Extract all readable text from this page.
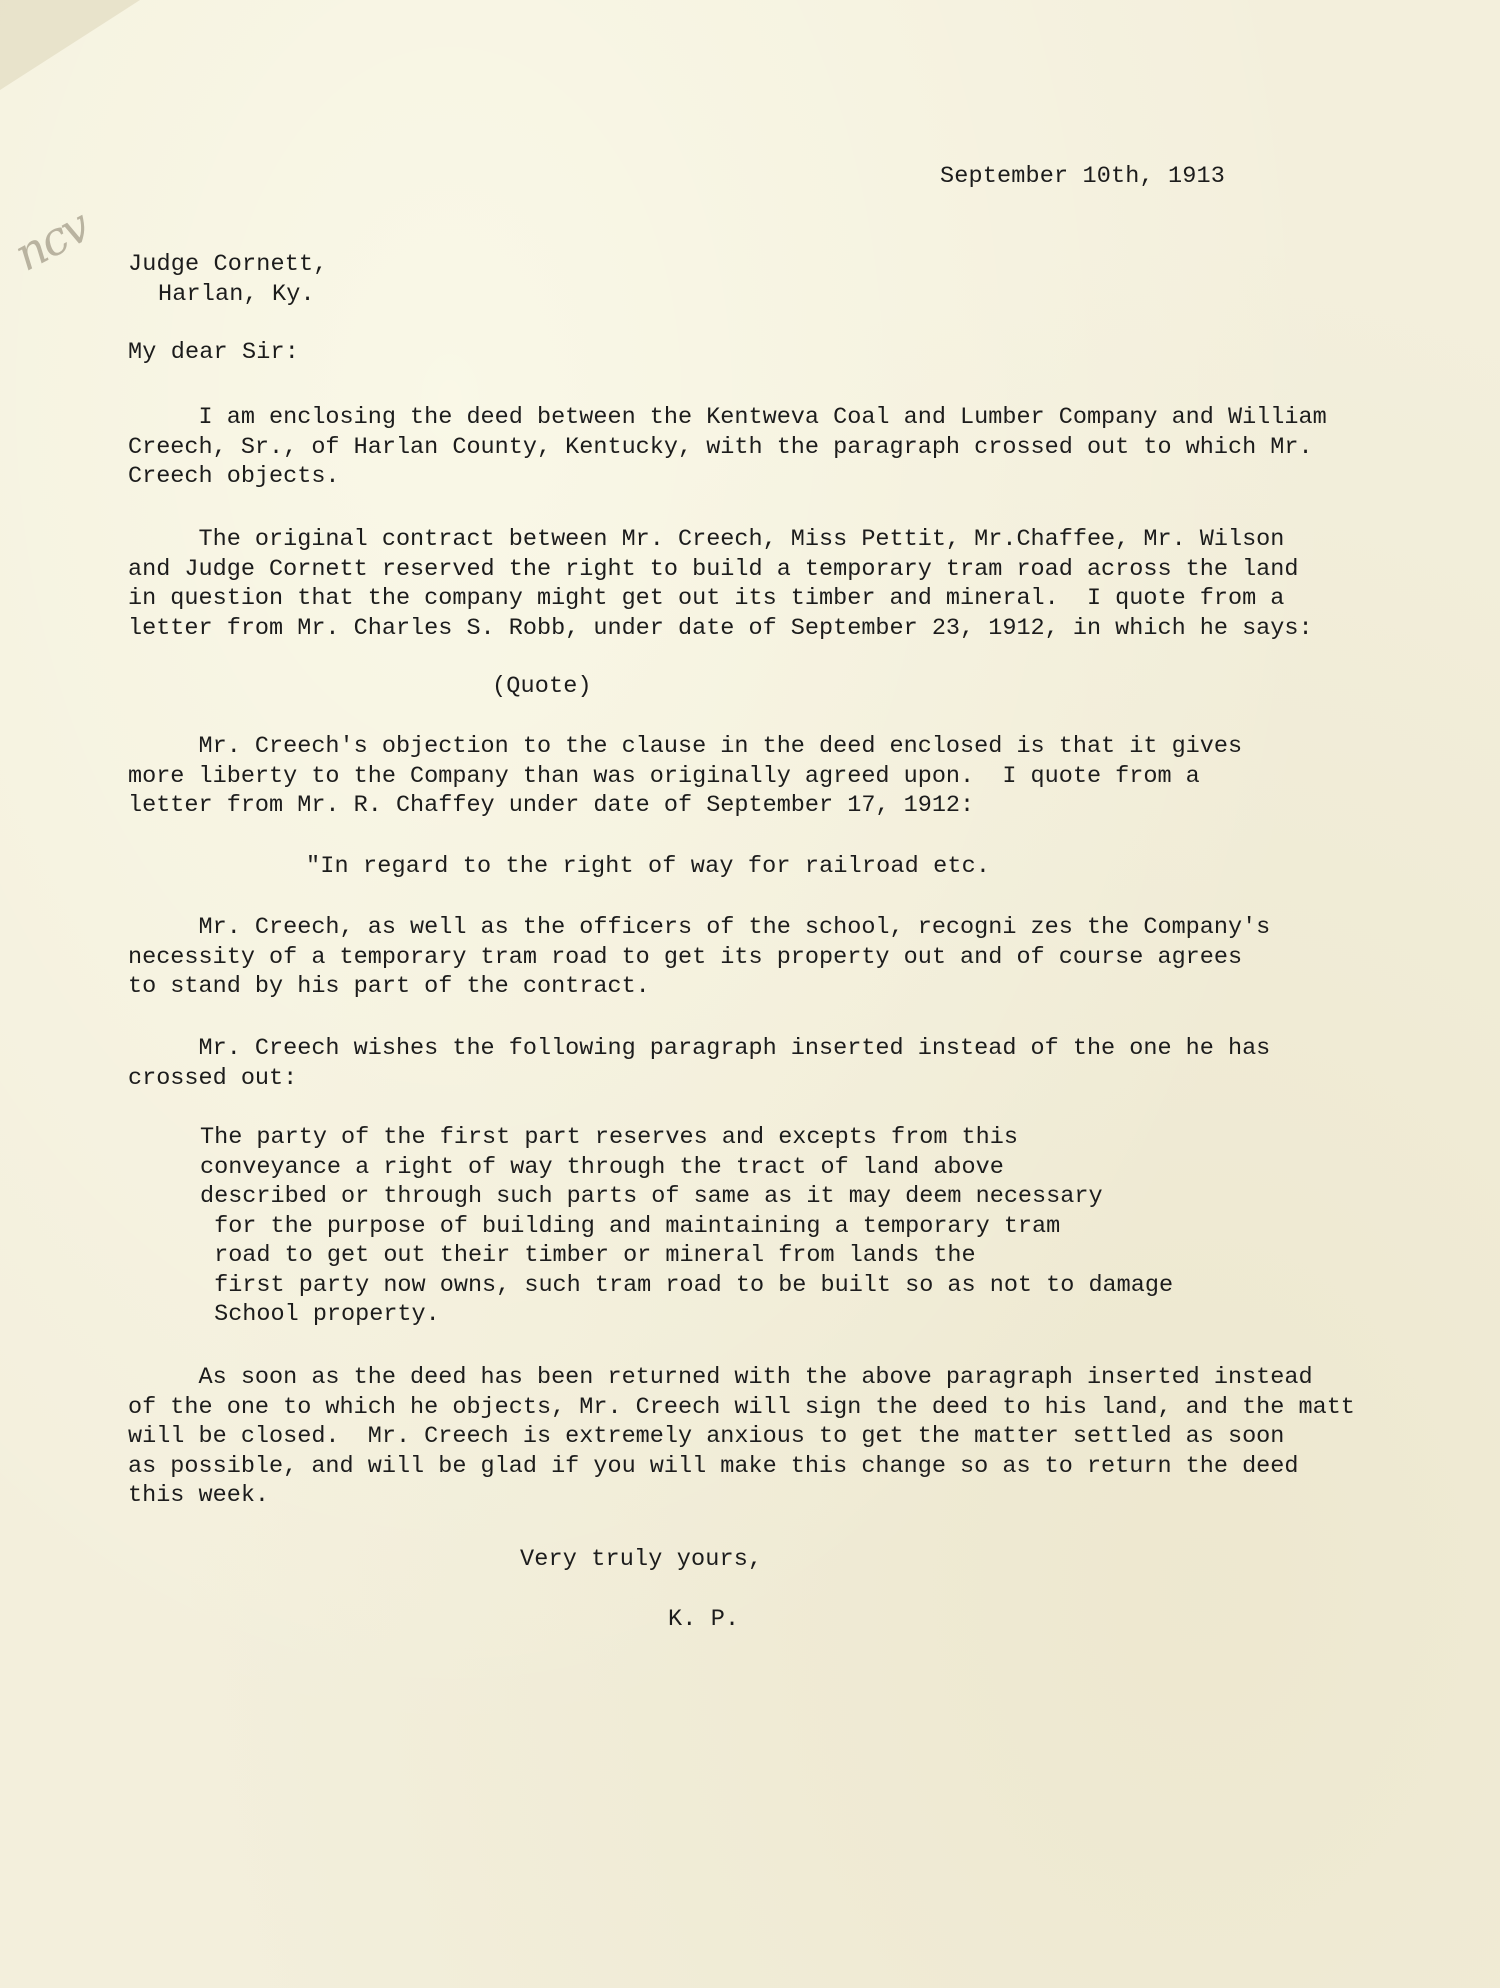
ncv
September 10th, 1913
Judge Cornett,
Harlan, Ky.
My dear Sir:

I am enclosing the deed between the Kentweva Coal and Lumber Company and William
Creech, Sr., of Harlan County, Kentucky, with the paragraph crossed out to which Mr.
Creech objects.

The original contract between Mr. Creech, Miss Pettit, Mr.Chaffee, Mr. Wilson
and Judge Cornett reserved the right to build a temporary tram road across the land
in question that the company might get out its timber and mineral.  I quote from a
letter from Mr. Charles S. Robb, under date of September 23, 1912, in which he says:

(Quote)

Mr. Creech's objection to the clause in the deed enclosed is that it gives
more liberty to the Company than was originally agreed upon.  I quote from a
letter from Mr. R. Chaffey under date of September 17, 1912:

"In regard to the right of way for railroad etc.

Mr. Creech, as well as the officers of the school, recogni zes the Company's
necessity of a temporary tram road to get its property out and of course agrees
to stand by his part of the contract.

Mr. Creech wishes the following paragraph inserted instead of the one he has
crossed out:

The party of the first part reserves and excepts from this
conveyance a right of way through the tract of land above
described or through such parts of same as it may deem necessary
for the purpose of building and maintaining a temporary tram
road to get out their timber or mineral from lands the
first party now owns, such tram road to be built so as not to damage
School property.

As soon as the deed has been returned with the above paragraph inserted instead
of the one to which he objects, Mr. Creech will sign the deed to his land, and the matt
will be closed.  Mr. Creech is extremely anxious to get the matter settled as soon
as possible, and will be glad if you will make this change so as to return the deed
this week.

Very truly yours,
K. P.
